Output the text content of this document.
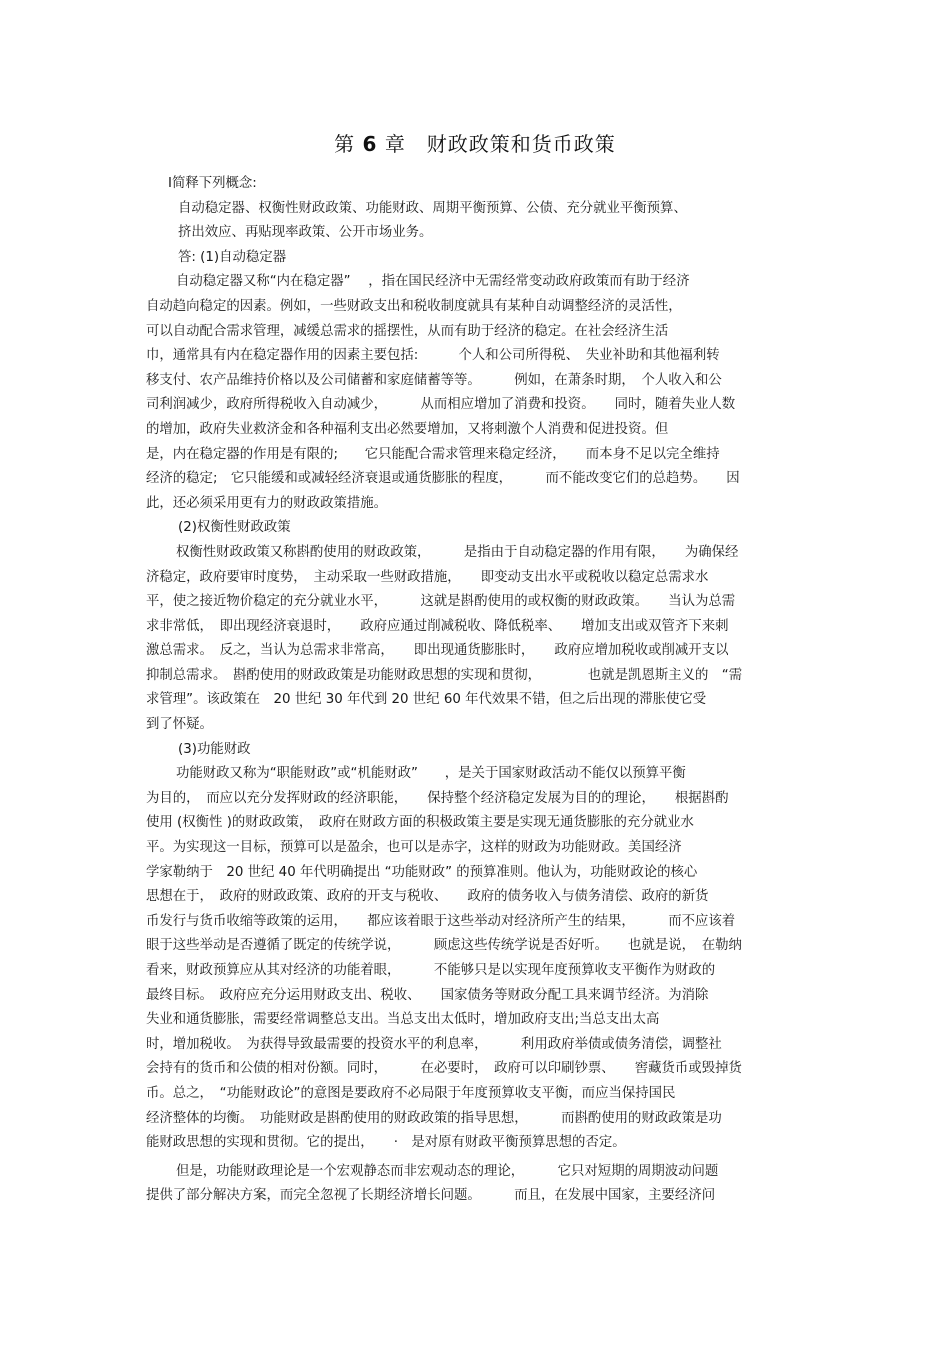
第 6 章　财政政策和货币政策
Ⅰ简释下列概念:
自动稳定器、权衡性财政政策、功能财政、周期平衡预算、公债、充分就业平衡预算、
挤出效应、再贴现率政策、公开市场业务。
答: (1)自动稳定器
自动稳定器又称“内在稳定器”　 ，指在国民经济中无需经常变动政府政策而有助于经济
自动趋向稳定的因素。例如，一些财政支出和税收制度就具有某种自动调整经济的灵活性，
可以自动配合需求管理，减缓总需求的摇摆性，从而有助于经济的稳定。在社会经济生活
巾，通常具有内在稳定器作用的因素主要包括:　　　个人和公司所得税、　失业补助和其他福利转
移支付、农产品维持价格以及公司储蓄和家庭储蓄等等。　　　例如，在萧条时期，　个人收入和公
司利润减少，政府所得税收入自动减少，　　　从而相应增加了消费和投资。　　同时，随着失业人数
的增加，政府失业救济金和各种福利支出必然要增加，又将刺激个人消费和促进投资。但
是，内在稳定器的作用是有限的;　　它只能配合需求管理来稳定经济，　　而本身不足以完全维持
经济的稳定;　它只能缓和或减轻经济衰退或通货膨胀的程度，　　　而不能改变它们的总趋势。　　因
此，还必须采用更有力的财政政策措施。
(2)权衡性财政政策
权衡性财政政策又称斟酌使用的财政政策，　　　是指由于自动稳定器的作用有限，　　为确保经
济稳定，政府要审时度势，　主动采取一些财政措施，　　即变动支出水平或税收以稳定总需求水
平，使之接近物价稳定的充分就业水平，　　　这就是斟酌使用的或权衡的财政政策。　　当认为总需
求非常低，　即出现经济衰退时，　　政府应通过削减税收、降低税率、　　增加支出或双管齐下来刺
激总需求。　反之，当认为总需求非常高，　　即出现通货膨胀时，　　政府应增加税收或削减开支以
抑制总需求。　斟酌使用的财政政策是功能财政思想的实现和贯彻，　　　　也就是凯恩斯主义的　“需
求管理”。该政策在　20 世纪 30 年代到 20 世纪 60 年代效果不错，但之后出现的滞胀使它受
到了怀疑。
(3)功能财政
功能财政又称为“职能财政”或“机能财政”　　，是关于国家财政活动不能仅以预算平衡
为目的，　而应以充分发挥财政的经济职能，　　保持整个经济稳定发展为目的的理论，　　根据斟酌
使用 (权衡性 )的财政政策，　政府在财政方面的积极政策主要是实现无通货膨胀的充分就业水
平。为实现这一目标，预算可以是盈余，也可以是赤字，这样的财政为功能财政。美国经济
学家勒纳于　20 世纪 40 年代明确提出 “功能财政” 的预算准则。他认为，功能财政论的核心
思想在于，　政府的财政政策、政府的开支与税收、　　政府的债务收入与债务清偿、政府的新货
币发行与货币收缩等政策的运用，　　都应该着眼于这些举动对经济所产生的结果，　　　而不应该着
眼于这些举动是否遵循了既定的传统学说，　　　顾虑这些传统学说是否好听。　　也就是说，　在勒纳
看来，财政预算应从其对经济的功能着眼，　　　不能够只是以实现年度预算收支平衡作为财政的
最终目标。　政府应充分运用财政支出、税收、　　国家债务等财政分配工具来调节经济。为消除
失业和通货膨胀，需要经常调整总支出。当总支出太低时，增加政府支出;当总支出太高
时，增加税收。　为获得导致最需要的投资水平的利息率，　　　利用政府举债或债务清偿，调整社
会持有的货币和公债的相对份额。同时，　　　在必要时，　政府可以印刷钞票、　　窖藏货币或毁掉货
币。总之，　“功能财政论”的意图是要政府不必局限于年度预算收支平衡，而应当保持国民
经济整体的均衡。　功能财政是斟酌使用的财政政策的指导思想，　　　而斟酌使用的财政政策是功
能财政思想的实现和贯彻。它的提出，　　·　是对原有财政平衡预算思想的否定。
但是，功能财政理论是一个宏观静态而非宏观动态的理论，　　　它只对短期的周期波动问题
提供了部分解决方案，而完全忽视了长期经济增长问题。　　　而且，在发展中国家，主要经济问
